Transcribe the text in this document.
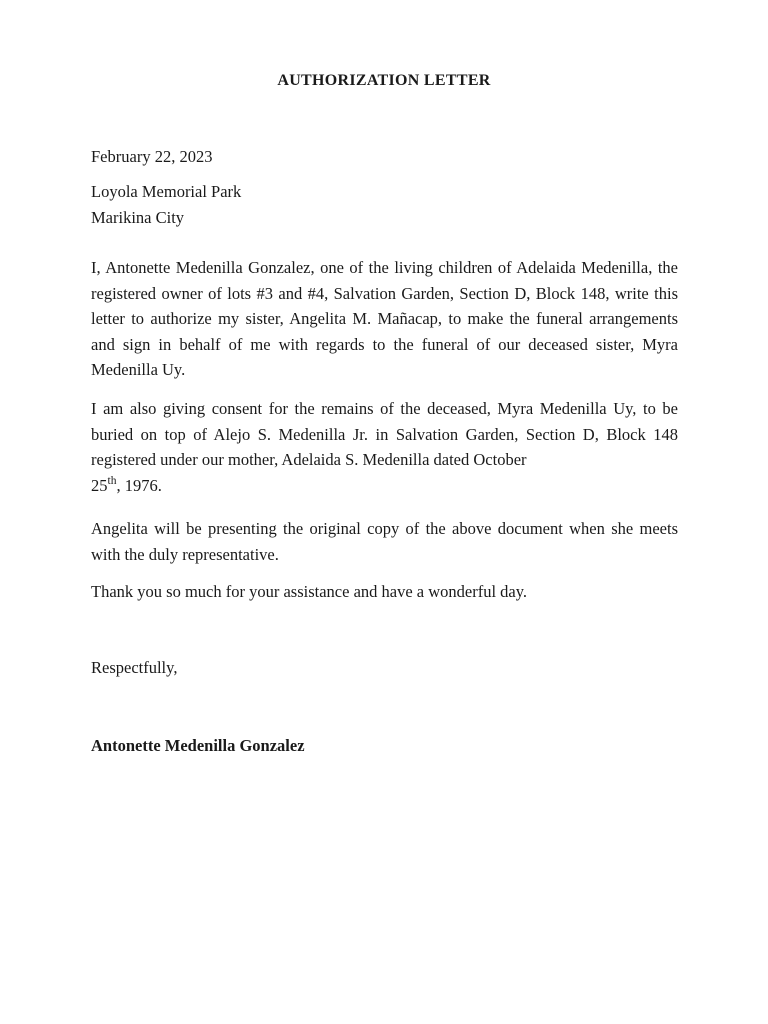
AUTHORIZATION LETTER
February 22, 2023
Loyola Memorial Park
Marikina City
I, Antonette Medenilla Gonzalez, one of the living children of Adelaida Medenilla, the registered owner of lots #3 and #4, Salvation Garden, Section D, Block 148, write this letter to authorize my sister, Angelita M. Mañacap, to make the funeral arrangements and sign in behalf of me with regards to the funeral of our deceased sister, Myra Medenilla Uy.
I am also giving consent for the remains of the deceased, Myra Medenilla Uy, to be buried on top of Alejo S. Medenilla Jr. in Salvation Garden, Section D, Block 148 registered under our mother, Adelaida S. Medenilla dated October
25th, 1976.
Angelita will be presenting the original copy of the above document when she meets with the duly representative.
Thank you so much for your assistance and have a wonderful day.
Respectfully,
Antonette Medenilla Gonzalez
